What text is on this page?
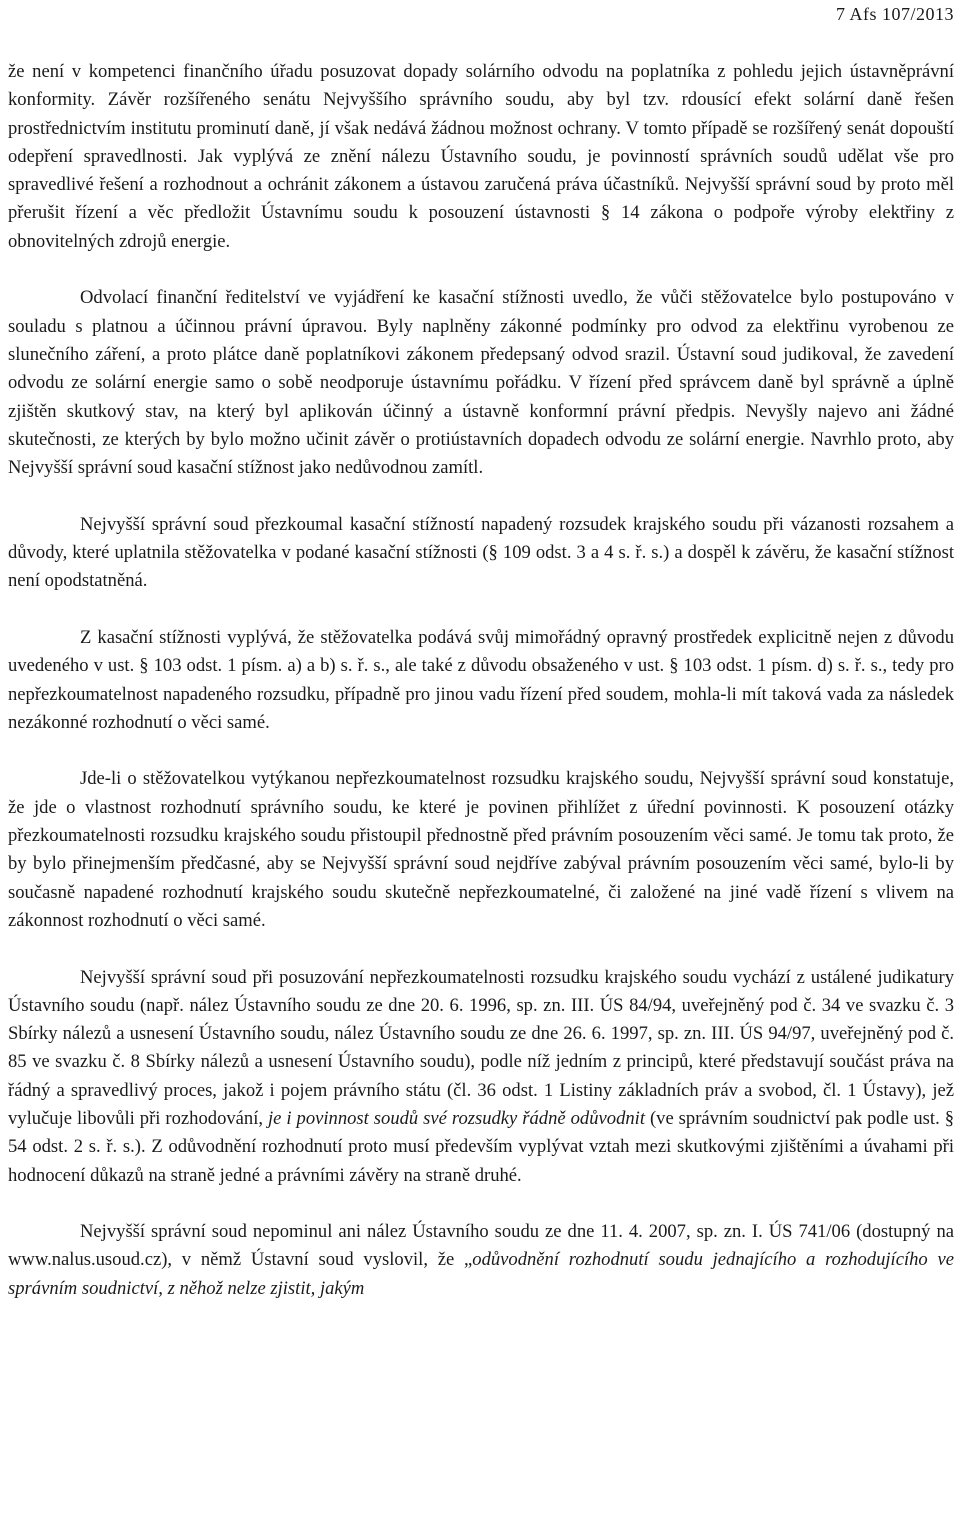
7 Afs 107/2013

že není v kompetenci finančního úřadu posuzovat dopady solárního odvodu na poplatníka z pohledu jejich ústavněprávní konformity. Závěr rozšířeného senátu Nejvyššího správního soudu, aby byl tzv. rdousící efekt solární daně řešen prostřednictvím institutu prominutí daně, jí však nedává žádnou možnost ochrany. V tomto případě se rozšířený senát dopouští odepření spravedlnosti. Jak vyplývá ze znění nálezu Ústavního soudu, je povinností správních soudů udělat vše pro spravedlivé řešení a rozhodnout a ochránit zákonem a ústavou zaručená práva účastníků. Nejvyšší správní soud by proto měl přerušit řízení a věc předložit Ústavnímu soudu k posouzení ústavnosti § 14 zákona o podpoře výroby elektřiny z obnovitelných zdrojů energie.

Odvolací finanční ředitelství ve vyjádření ke kasační stížnosti uvedlo, že vůči stěžovatelce bylo postupováno v souladu s platnou a účinnou právní úpravou. Byly naplněny zákonné podmínky pro odvod za elektřinu vyrobenou ze slunečního záření, a proto plátce daně poplatníkovi zákonem předepsaný odvod srazil. Ústavní soud judikoval, že zavedení odvodu ze solární energie samo o sobě neodporuje ústavnímu pořádku. V řízení před správcem daně byl správně a úplně zjištěn skutkový stav, na který byl aplikován účinný a ústavně konformní právní předpis. Nevyšly najevo ani žádné skutečnosti, ze kterých by bylo možno učinit závěr o protiústavních dopadech odvodu ze solární energie. Navrhlo proto, aby Nejvyšší správní soud kasační stížnost jako nedůvodnou zamítl.

Nejvyšší správní soud přezkoumal kasační stížností napadený rozsudek krajského soudu při vázanosti rozsahem a důvody, které uplatnila stěžovatelka v podané kasační stížnosti (§ 109 odst. 3 a 4 s. ř. s.) a dospěl k závěru, že kasační stížnost není opodstatněná.

Z kasační stížnosti vyplývá, že stěžovatelka podává svůj mimořádný opravný prostředek explicitně nejen z důvodu uvedeného v ust. § 103 odst. 1 písm. a) a b) s. ř. s., ale také z důvodu obsaženého v ust. § 103 odst. 1 písm. d) s. ř. s., tedy pro nepřezkoumatelnost napadeného rozsudku, případně pro jinou vadu řízení před soudem, mohla-li mít taková vada za následek nezákonné rozhodnutí o věci samé.

Jde-li o stěžovatelkou vytýkanou nepřezkoumatelnost rozsudku krajského soudu, Nejvyšší správní soud konstatuje, že jde o vlastnost rozhodnutí správního soudu, ke které je povinen přihlížet z úřední povinnosti. K posouzení otázky přezkoumatelnosti rozsudku krajského soudu přistoupil přednostně před právním posouzením věci samé. Je tomu tak proto, že by bylo přinejmenším předčasné, aby se Nejvyšší správní soud nejdříve zabýval právním posouzením věci samé, bylo-li by současně napadené rozhodnutí krajského soudu skutečně nepřezkoumatelné, či založené na jiné vadě řízení s vlivem na zákonnost rozhodnutí o věci samé.

Nejvyšší správní soud při posuzování nepřezkoumatelnosti rozsudku krajského soudu vychází z ustálené judikatury Ústavního soudu (např. nález Ústavního soudu ze dne 20. 6. 1996, sp. zn. III. ÚS 84/94, uveřejněný pod č. 34 ve svazku č. 3 Sbírky nálezů a usnesení Ústavního soudu, nález Ústavního soudu ze dne 26. 6. 1997, sp. zn. III. ÚS 94/97, uveřejněný pod č. 85 ve svazku č. 8 Sbírky nálezů a usnesení Ústavního soudu), podle níž jedním z principů, které představují součást práva na řádný a spravedlivý proces, jakož i pojem právního státu (čl. 36 odst. 1 Listiny základních práv a svobod, čl. 1 Ústavy), jež vylučuje libovůli při rozhodování, je i povinnost soudů své rozsudky řádně odůvodnit (ve správním soudnictví pak podle ust. § 54 odst. 2 s. ř. s.). Z odůvodnění rozhodnutí proto musí především vyplývat vztah mezi skutkovými zjištěními a úvahami při hodnocení důkazů na straně jedné a právními závěry na straně druhé.

Nejvyšší správní soud nepominul ani nález Ústavního soudu ze dne 11. 4. 2007, sp. zn. I. ÚS 741/06 (dostupný na www.nalus.usoud.cz), v němž Ústavní soud vyslovil, že „odůvodnění rozhodnutí soudu jednajícího a rozhodujícího ve správním soudnictví, z něhož nelze zjistit, jakým
